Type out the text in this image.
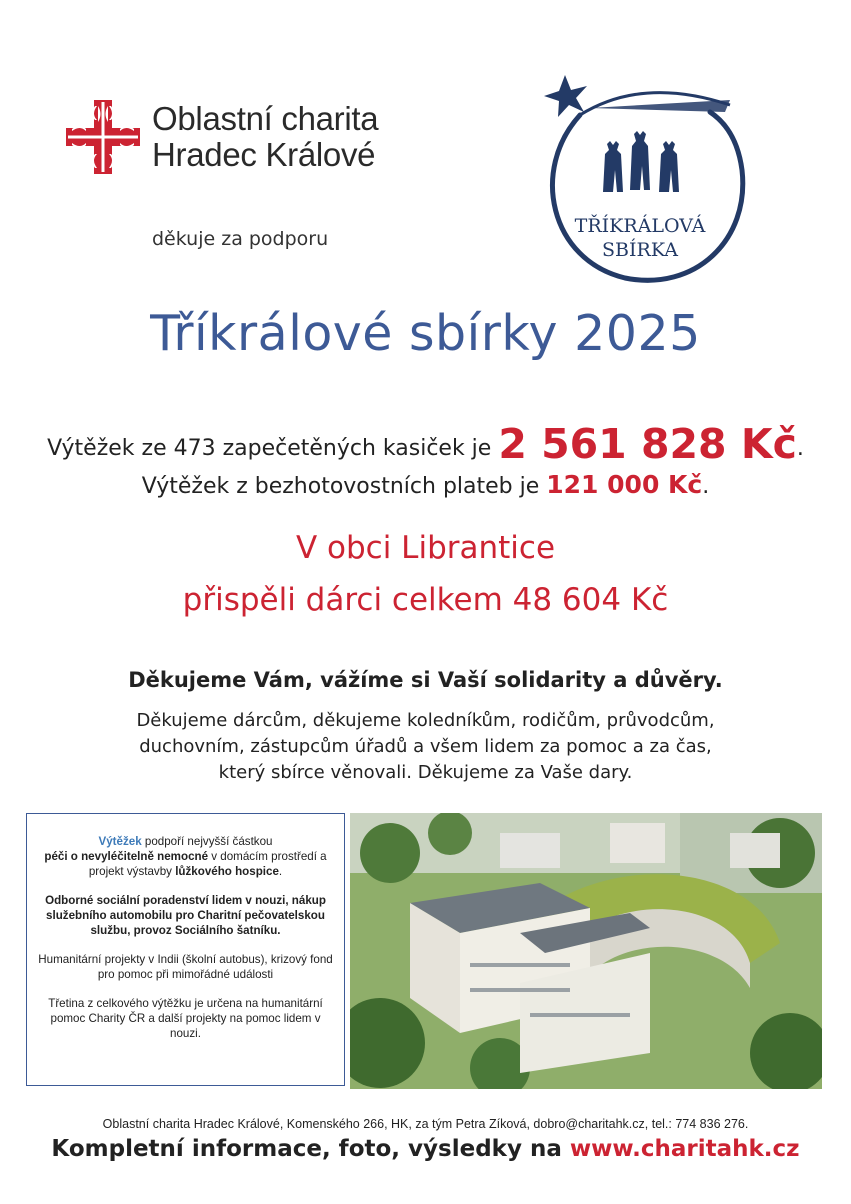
Oblastní charita
Hradec Králové
děkuje za podporu
TŘÍKRÁLOVÁ
SBÍRKA
Tříkrálové sbírky 2025
Výtěžek ze 473 zapečetěných kasiček je 2 561 828 Kč.
Výtěžek z bezhotovostních plateb je 121 000 Kč.
V obci Librantice
přispěli dárci celkem 48 604 Kč
Děkujeme Vám, vážíme si Vaší solidarity a důvěry.
Děkujeme dárcům, děkujeme koledníkům, rodičům, průvodcům,
duchovním, zástupcům úřadů a všem lidem za pomoc a za čas,
který sbírce věnovali. Děkujeme za Vaše dary.

Výtěžek podpoří nejvyšší částkou
péči o nevyléčitelně nemocné v domácím prostředí a projekt výstavby lůžkového hospice.

Odborné sociální poradenství lidem v nouzi, nákup služebního automobilu pro Charitní pečovatelskou službu, provoz Sociálního šatníku.

Humanitární projekty v Indii (školní autobus), krizový fond pro pomoc při mimořádné události

Třetina z celkového výtěžku je určena na humanitární pomoc Charity ČR a další projekty na pomoc lidem v nouzi.

Oblastní charita Hradec Králové, Komenského 266, HK, za tým Petra Zíková, dobro@charitahk.cz, tel.: 774 836 276.
Kompletní informace, foto, výsledky na www.charitahk.cz
